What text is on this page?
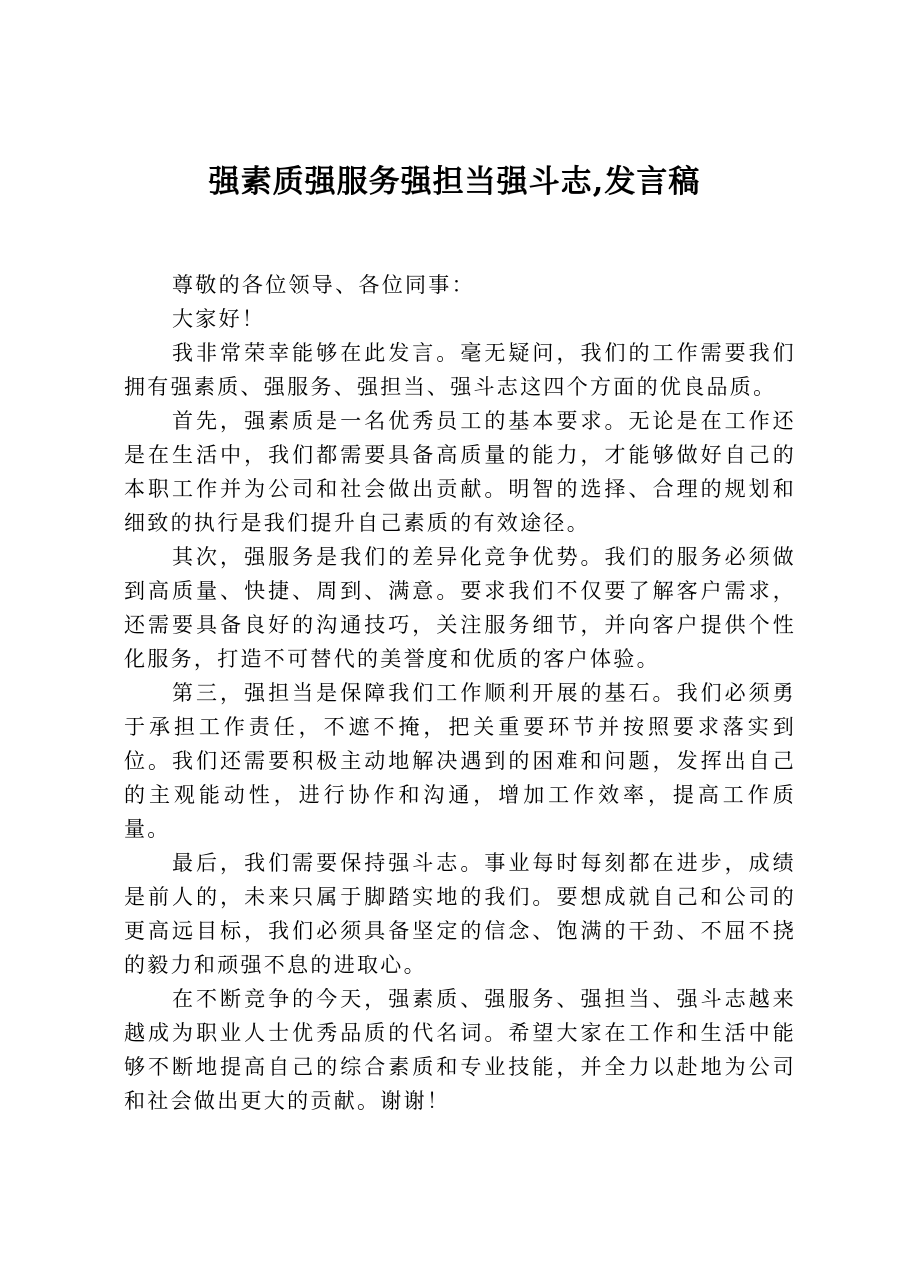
强素质强服务强担当强斗志,发言稿

尊敬的各位领导、各位同事：

大家好！

我非常荣幸能够在此发言。毫无疑问，我们的工作需要我们拥有强素质、强服务、强担当、强斗志这四个方面的优良品质。

首先，强素质是一名优秀员工的基本要求。无论是在工作还是在生活中，我们都需要具备高质量的能力，才能够做好自己的本职工作并为公司和社会做出贡献。明智的选择、合理的规划和细致的执行是我们提升自己素质的有效途径。

其次，强服务是我们的差异化竞争优势。我们的服务必须做到高质量、快捷、周到、满意。要求我们不仅要了解客户需求，还需要具备良好的沟通技巧，关注服务细节，并向客户提供个性化服务，打造不可替代的美誉度和优质的客户体验。

第三，强担当是保障我们工作顺利开展的基石。我们必须勇于承担工作责任，不遮不掩，把关重要环节并按照要求落实到位。我们还需要积极主动地解决遇到的困难和问题，发挥出自己的主观能动性，进行协作和沟通，增加工作效率，提高工作质量。

最后，我们需要保持强斗志。事业每时每刻都在进步，成绩是前人的，未来只属于脚踏实地的我们。要想成就自己和公司的更高远目标，我们必须具备坚定的信念、饱满的干劲、不屈不挠的毅力和顽强不息的进取心。

在不断竞争的今天，强素质、强服务、强担当、强斗志越来越成为职业人士优秀品质的代名词。希望大家在工作和生活中能够不断地提高自己的综合素质和专业技能，并全力以赴地为公司和社会做出更大的贡献。谢谢！
